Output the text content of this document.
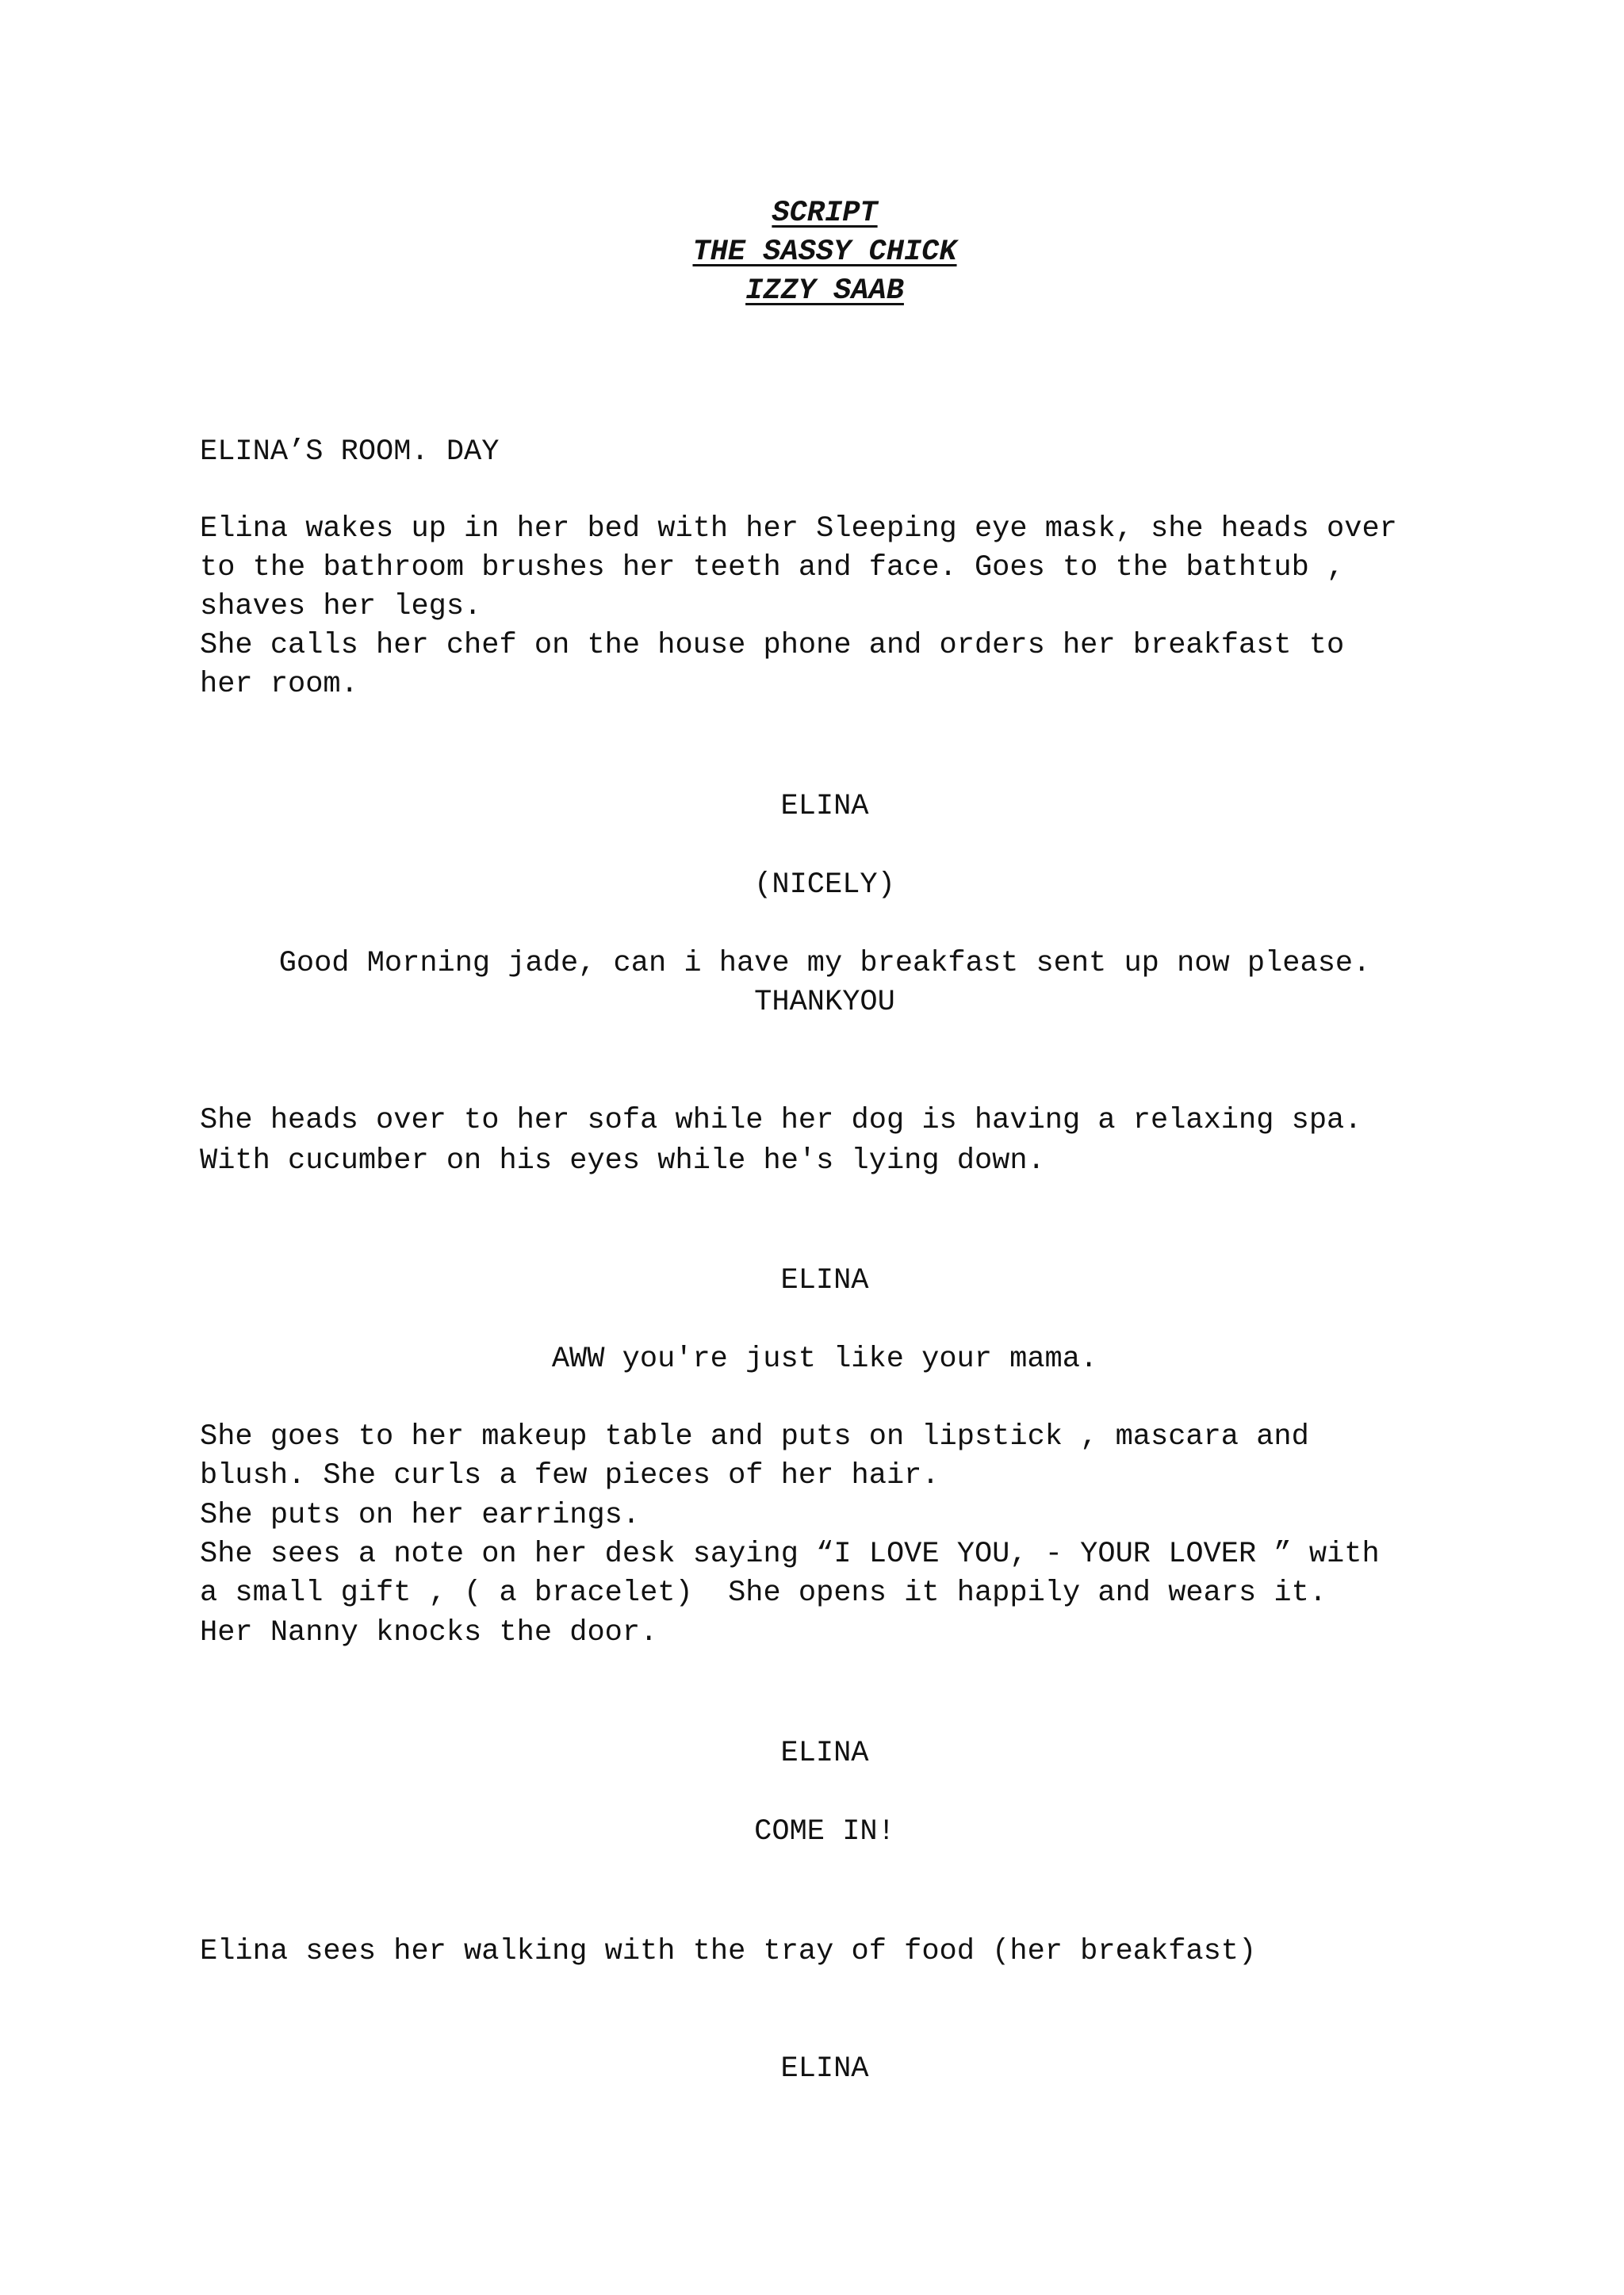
SCRIPT
THE SASSY CHICK
IZZY SAAB
ELINA’S ROOM. DAY
Elina wakes up in her bed with her Sleeping eye mask, she heads over
to the bathroom brushes her teeth and face. Goes to the bathtub ,
shaves her legs.
She calls her chef on the house phone and orders her breakfast to
her room.
ELINA
(NICELY)
Good Morning jade, can i have my breakfast sent up now please.
THANKYOU
She heads over to her sofa while her dog is having a relaxing spa.
With cucumber on his eyes while he's lying down.
ELINA
AWW you're just like your mama.
She goes to her makeup table and puts on lipstick , mascara and
blush. She curls a few pieces of her hair.
She puts on her earrings.
She sees a note on her desk saying “I LOVE YOU, - YOUR LOVER ” with
a small gift , ( a bracelet)  She opens it happily and wears it.
Her Nanny knocks the door.
ELINA
COME IN!
Elina sees her walking with the tray of food (her breakfast)
ELINA
